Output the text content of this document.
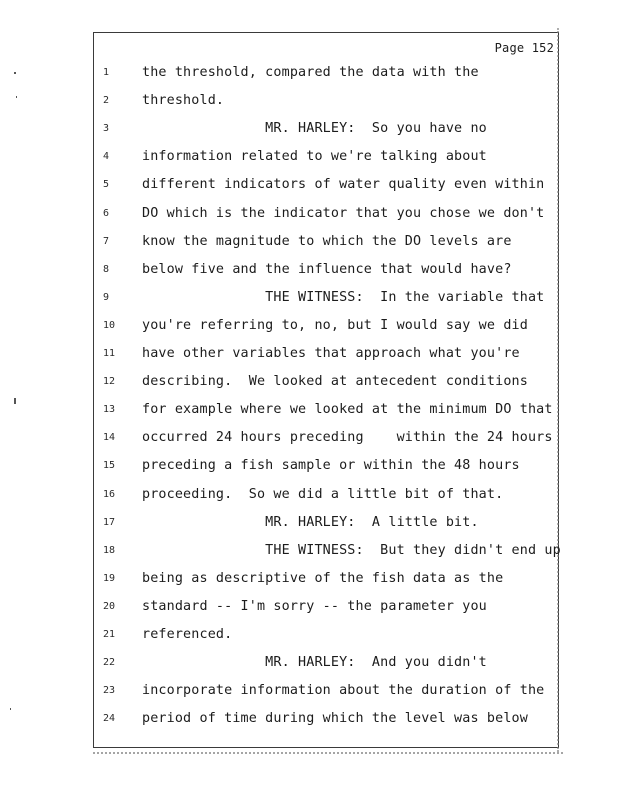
Page 152
1	the threshold, compared the data with the
2	threshold.
3	MR. HARLEY:  So you have no
4	information related to we're talking about
5	different indicators of water quality even within
6	DO which is the indicator that you chose we don't
7	know the magnitude to which the DO levels are
8	below five and the influence that would have?
9	THE WITNESS:  In the variable that
10	you're referring to, no, but I would say we did
11	have other variables that approach what you're
12	describing.  We looked at antecedent conditions
13	for example where we looked at the minimum DO that
14	occurred 24 hours preceding    within the 24 hours
15	preceding a fish sample or within the 48 hours
16	proceeding.  So we did a little bit of that.
17	MR. HARLEY:  A little bit.
18	THE WITNESS:  But they didn't end up
19	being as descriptive of the fish data as the
20	standard -- I'm sorry -- the parameter you
21	referenced.
22	MR. HARLEY:  And you didn't
23	incorporate information about the duration of the
24	period of time during which the level was below
